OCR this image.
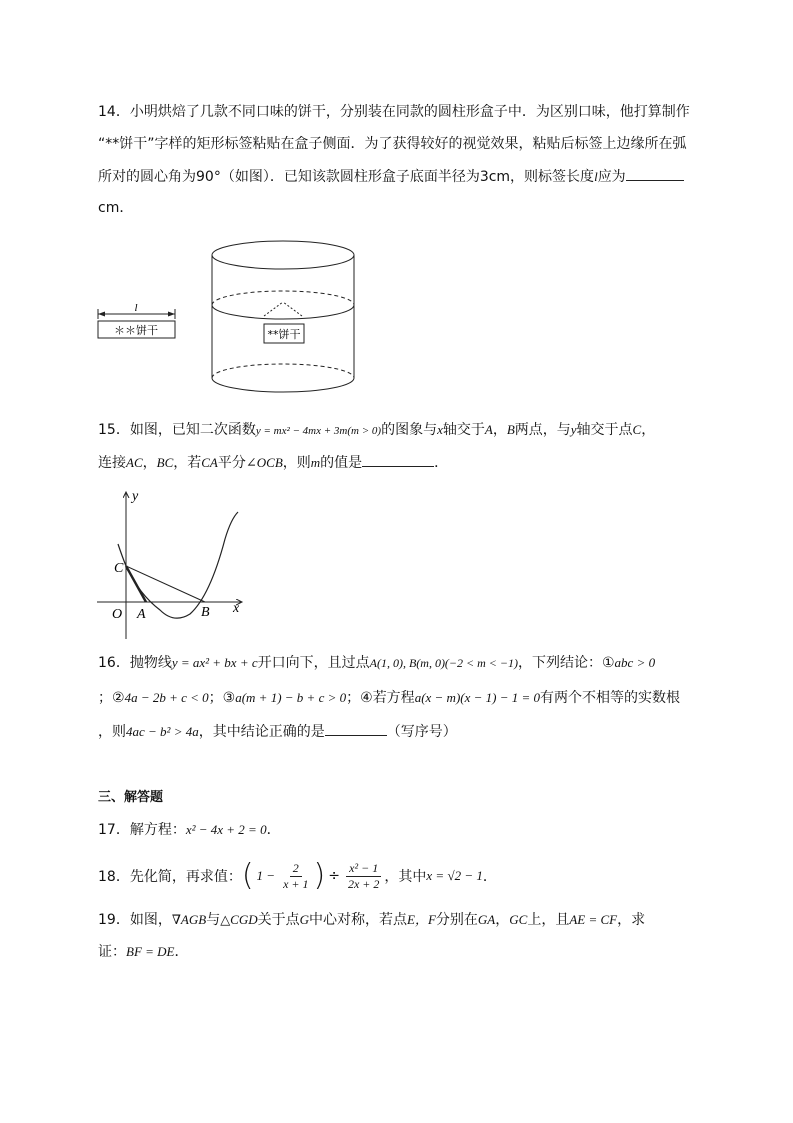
14．小明烘焙了几款不同口味的饼干，分别装在同款的圆柱形盒子中．为区别口味，他打算制作
“**饼干”字样的矩形标签粘贴在盒子侧面．为了获得较好的视觉效果，粘贴后标签上边缘所在弧
所对的圆心角为90°（如图）．已知该款圆柱形盒子底面半径为3cm，则标签长度l应为
cm．
l
＊＊饼干	**饼干
15．如图，已知二次函数y = mx² − 4mx + 3m(m > 0)的图象与x轴交于A，B两点，与y轴交于点C，
连接AC，BC，若CA平分∠OCB，则m的值是	．
y
x
C
O A	B
16．抛物线y = ax² + bx + c开口向下，且过点A(1, 0), B(m, 0)(−2 < m < −1)，下列结论：①abc > 0
；②4a − 2b + c < 0；③a(m + 1) − b + c > 0；④若方程a(x − m)(x − 1) − 1 = 0有两个不相等的实数根
，则4ac − b² > 4a，其中结论正确的是	（写序号）
三、解答题
17．解方程：x² − 4x + 2 = 0．
18．先化简，再求值： ( $1 - \frac{2}{x + 1}$ ) ÷ $\frac{\text{x² − 1}}{2x + 2}$ ，其中 x = √2 − 1 ．
19．如图，∇AGB与△CGD关于点G中心对称，若点E，F分别在GA，GC上，且AE = CF，求
证：BF = DE．
